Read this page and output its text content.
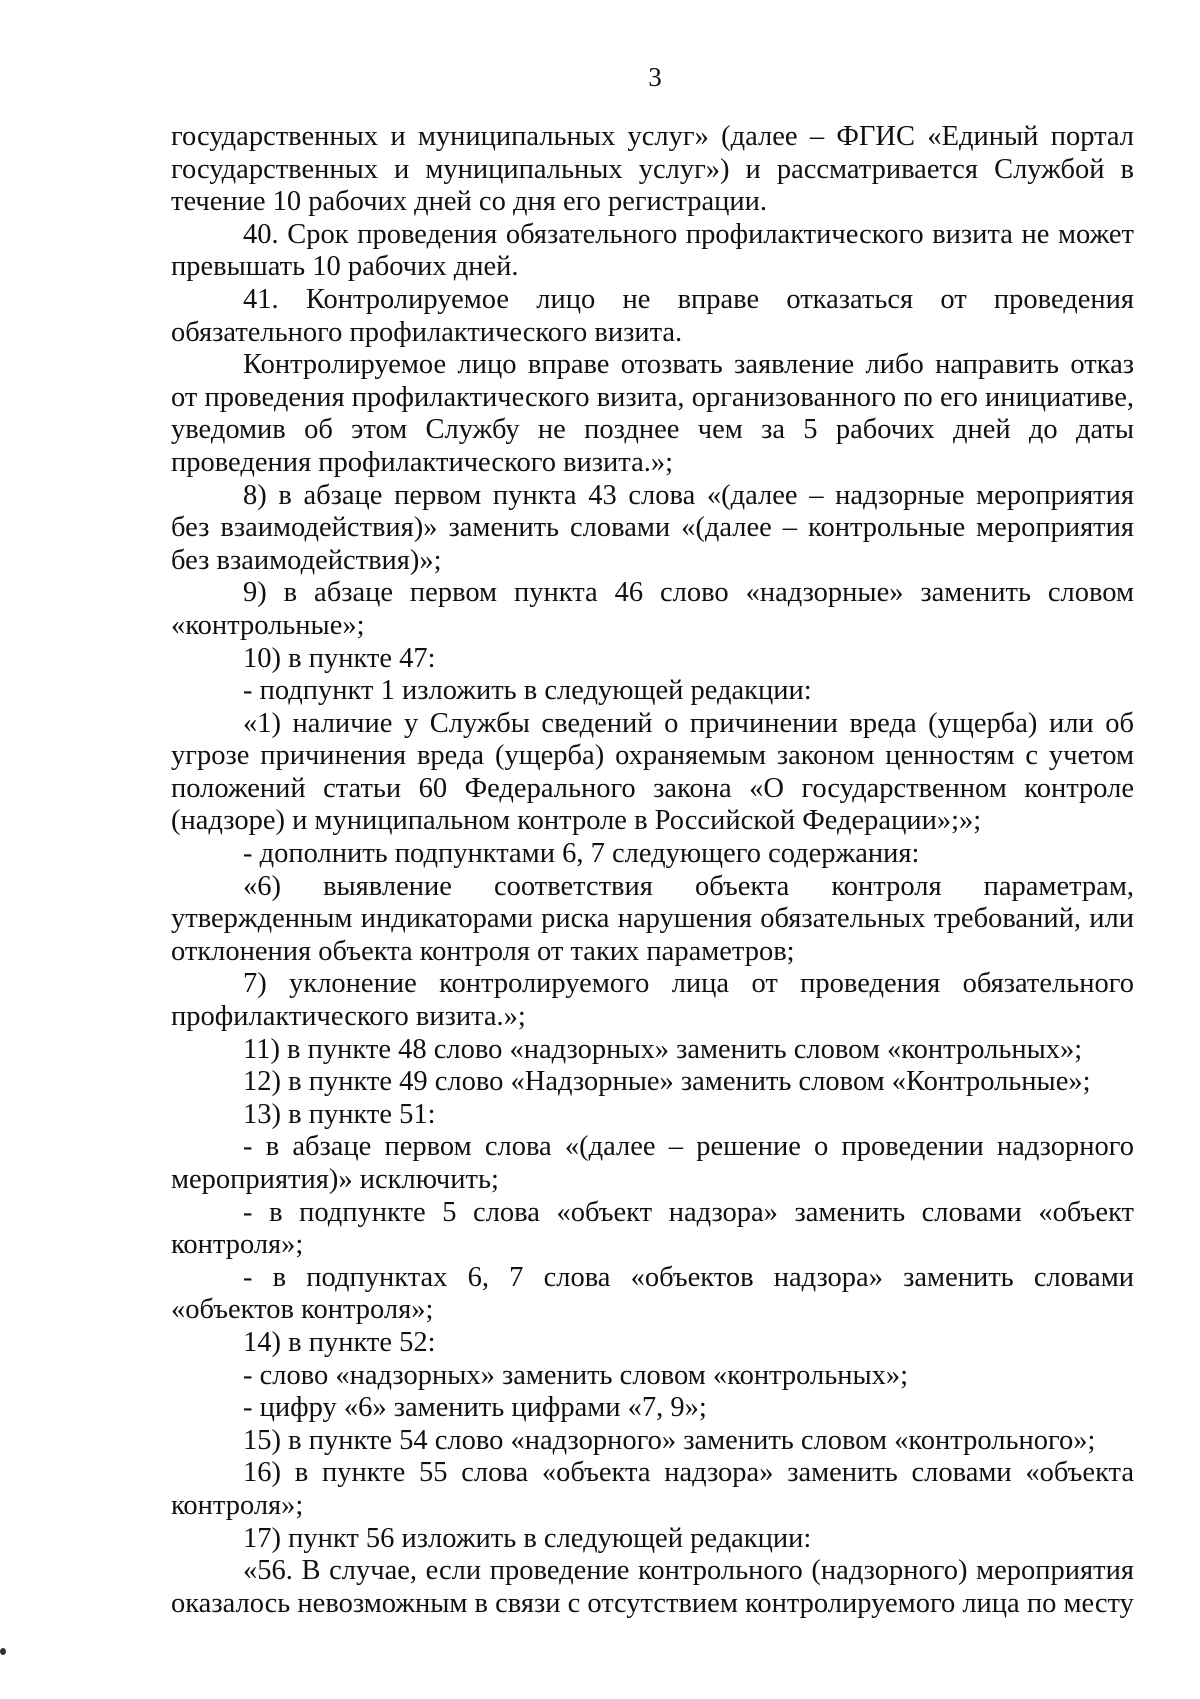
3

государственных и муниципальных услуг» (далее – ФГИС «Единый портал государственных и муниципальных услуг») и рассматривается Службой в течение 10 рабочих дней со дня его регистрации.

40. Срок проведения обязательного профилактического визита не может превышать 10 рабочих дней.

41. Контролируемое лицо не вправе отказаться от проведения обязательного профилактического визита.

Контролируемое лицо вправе отозвать заявление либо направить отказ от проведения профилактического визита, организованного по его инициативе, уведомив об этом Службу не позднее чем за 5 рабочих дней до даты проведения профилактического визита.»;

8) в абзаце первом пункта 43 слова «(далее – надзорные мероприятия без взаимодействия)» заменить словами «(далее – контрольные мероприятия без взаимодействия)»;

9) в абзаце первом пункта 46 слово «надзорные» заменить словом «контрольные»;

10) в пункте 47:

- подпункт 1 изложить в следующей редакции:

«1) наличие у Службы сведений о причинении вреда (ущерба) или об угрозе причинения вреда (ущерба) охраняемым законом ценностям с учетом положений статьи 60 Федерального закона «О государственном контроле (надзоре) и муниципальном контроле в Российской Федерации»;»;

- дополнить подпунктами 6, 7 следующего содержания:

«6) выявление соответствия объекта контроля параметрам, утвержденным индикаторами риска нарушения обязательных требований, или отклонения объекта контроля от таких параметров;

7) уклонение контролируемого лица от проведения обязательного профилактического визита.»;

11) в пункте 48 слово «надзорных» заменить словом «контрольных»;

12) в пункте 49 слово «Надзорные» заменить словом «Контрольные»;

13) в пункте 51:

- в абзаце первом слова «(далее – решение о проведении надзорного мероприятия)» исключить;

- в подпункте 5 слова «объект надзора» заменить словами «объект контроля»;

- в подпунктах 6, 7 слова «объектов надзора» заменить словами «объектов контроля»;

14) в пункте 52:

- слово «надзорных» заменить словом «контрольных»;

- цифру «6» заменить цифрами «7, 9»;

15) в пункте 54 слово «надзорного» заменить словом «контрольного»;

16) в пункте 55 слова «объекта надзора» заменить словами «объекта контроля»;

17) пункт 56 изложить в следующей редакции:

«56. В случае, если проведение контрольного (надзорного) мероприятия оказалось невозможным в связи с отсутствием контролируемого лица по месту
